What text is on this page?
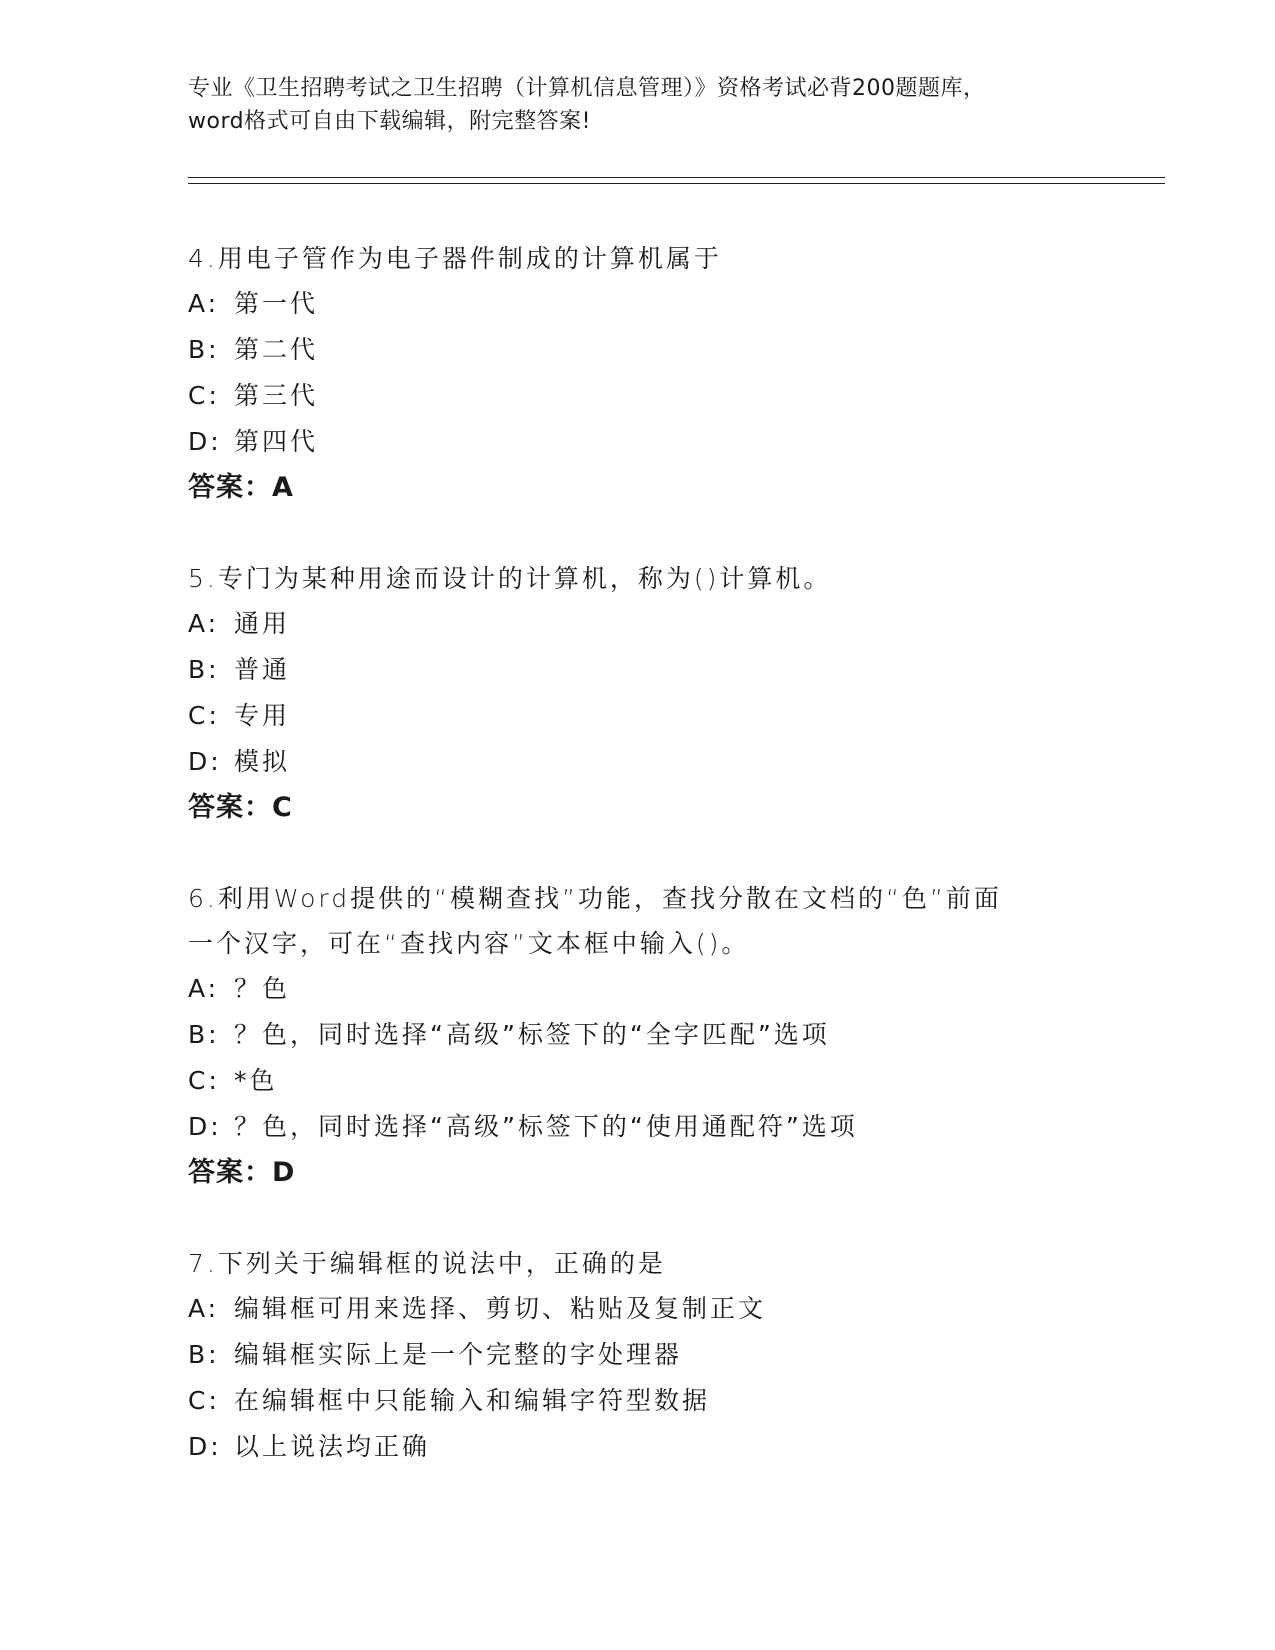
专业《卫生招聘考试之卫生招聘（计算机信息管理）》资格考试必背200题题库，
word格式可自由下载编辑，附完整答案!
4.用电子管作为电子器件制成的计算机属于
A: 第一代
B: 第二代
C: 第三代
D: 第四代
答案：A
5.专门为某种用途而设计的计算机，称为()计算机。
A: 通用
B: 普通
C: 专用
D: 模拟
答案：C
6.利用Word提供的“模糊查找”功能，查找分散在文档的“色”前面
一个汉字，可在“查找内容”文本框中输入()。
A: ？色
B: ？色，同时选择“高级”标签下的“全字匹配”选项
C: *色
D: ？色，同时选择“高级”标签下的“使用通配符”选项
答案：D
7.下列关于编辑框的说法中，正确的是
A: 编辑框可用来选择、剪切、粘贴及复制正文
B: 编辑框实际上是一个完整的字处理器
C: 在编辑框中只能输入和编辑字符型数据
D: 以上说法均正确
